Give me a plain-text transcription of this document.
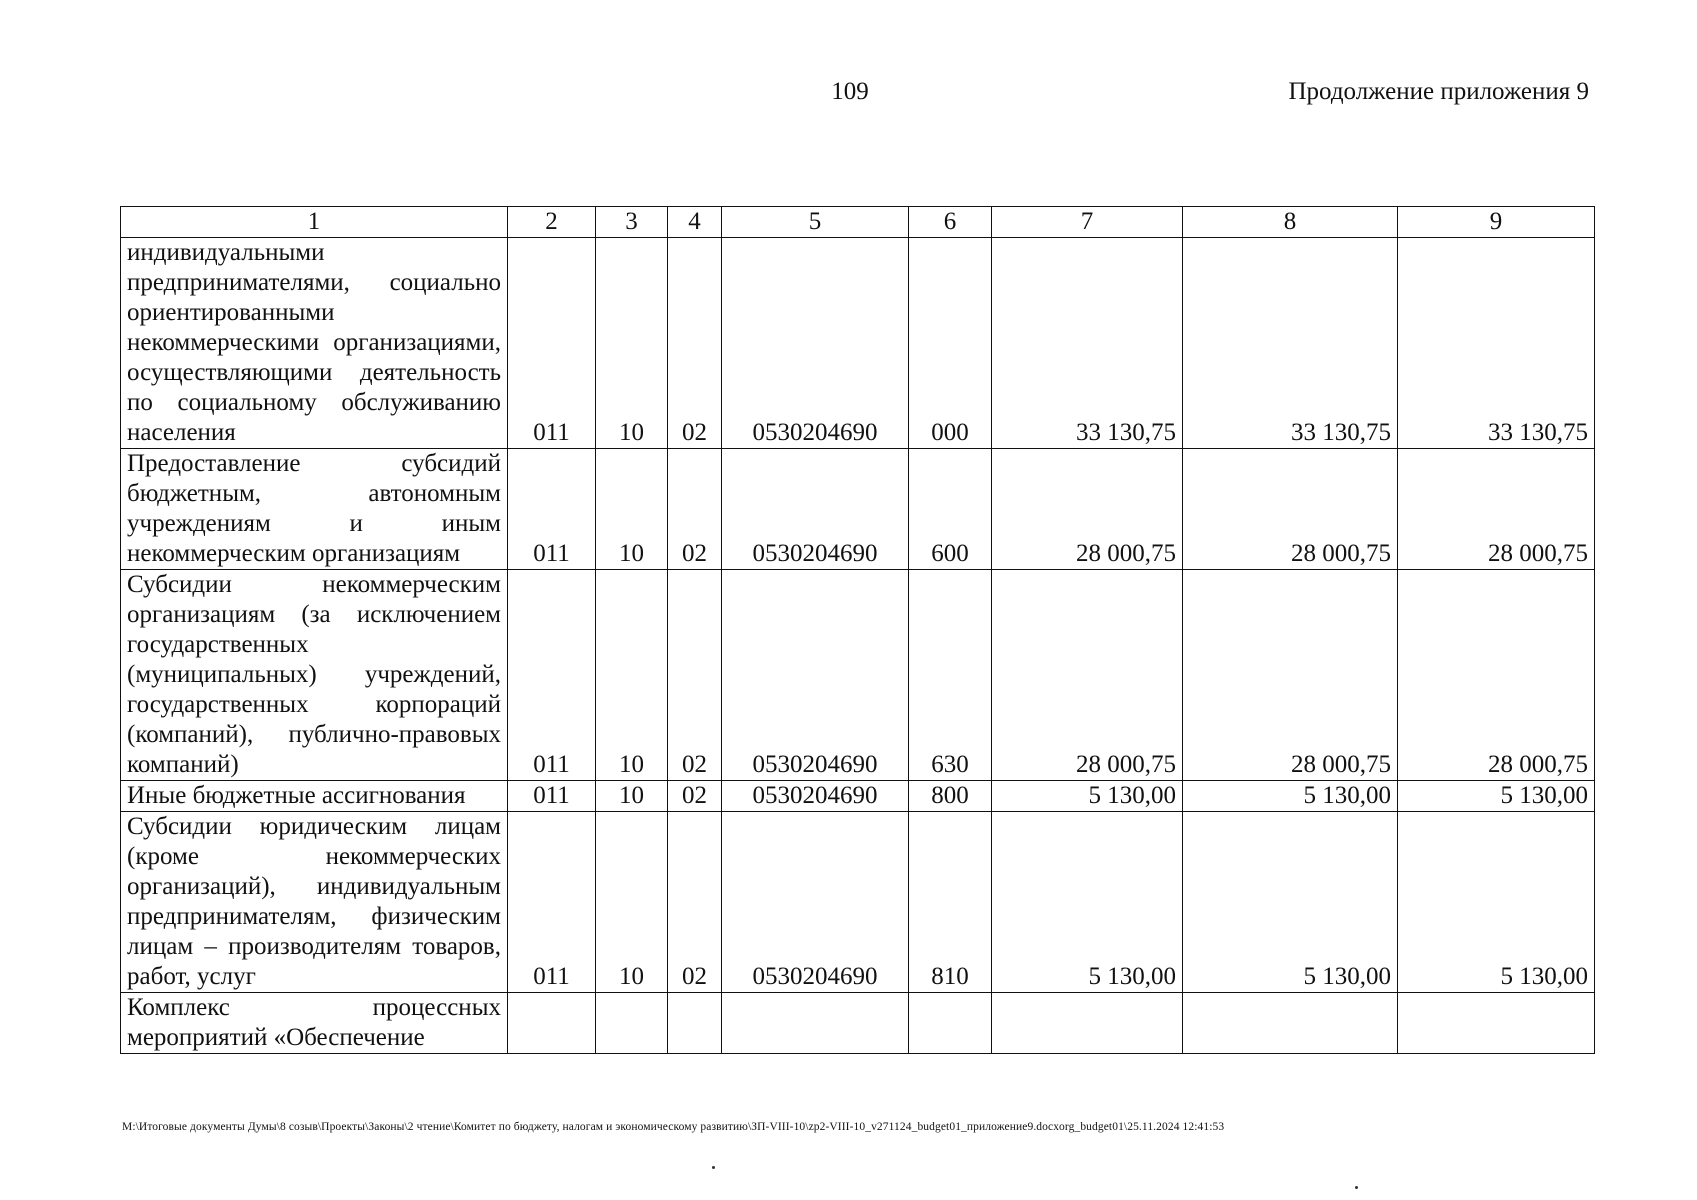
109	Продолжение приложения 9
1	2	3	4	5	6	7	8	9
индивидуальными предпринимателями, социально ориентированными некоммерческими организациями, осуществляющими деятельность по социальному обслуживанию населения	011	10	02	0530204690	000	33 130,75	33 130,75	33 130,75
Предоставление субсидий бюджетным, автономным учреждениям и иным некоммерческим организациям	011	10	02	0530204690	600	28 000,75	28 000,75	28 000,75
Субсидии некоммерческим организациям (за исключением государственных (муниципальных) учреждений, государственных корпораций (компаний), публично-правовых компаний)	011	10	02	0530204690	630	28 000,75	28 000,75	28 000,75
Иные бюджетные ассигнования	011	10	02	0530204690	800	5 130,00	5 130,00	5 130,00
Субсидии юридическим лицам (кроме некоммерческих организаций), индивидуальным предпринимателям, физическим лицам – производителям товаров, работ, услуг	011	10	02	0530204690	810	5 130,00	5 130,00	5 130,00
Комплекс процессных мероприятий «Обеспечение								
M:\Итоговые документы Думы\8 созыв\Проекты\Законы\2 чтение\Комитет по бюджету, налогам и экономическому развитию\ЗП-VIII-10\zp2-VIII-10_v271124_budget01_приложение9.docxorg_budget01\25.11.2024 12:41:53
